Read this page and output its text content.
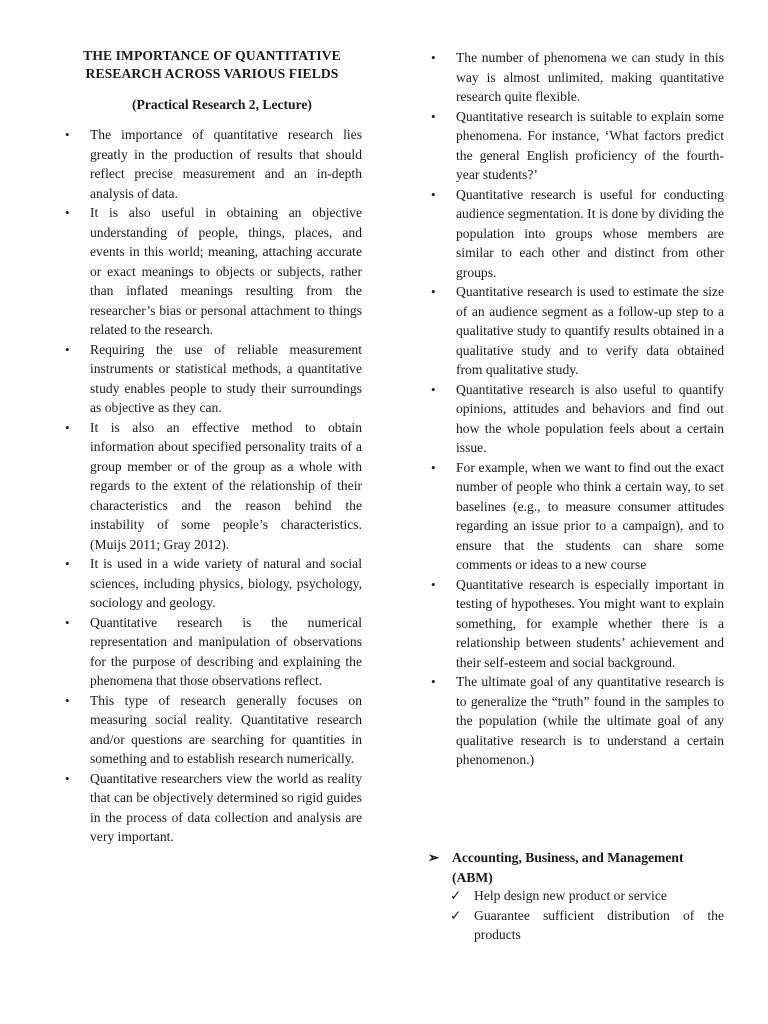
THE IMPORTANCE OF QUANTITATIVE RESEARCH ACROSS VARIOUS FIELDS
(Practical Research 2, Lecture)
• The importance of quantitative research lies greatly in the production of results that should reflect precise measurement and an in-depth analysis of data.
• It is also useful in obtaining an objective understanding of people, things, places, and events in this world; meaning, attaching accurate or exact meanings to objects or subjects, rather than inflated meanings resulting from the researcher’s bias or personal attachment to things related to the research.
• Requiring the use of reliable measurement instruments or statistical methods, a quantitative study enables people to study their surroundings as objective as they can.
• It is also an effective method to obtain information about specified personality traits of a group member or of the group as a whole with regards to the extent of the relationship of their characteristics and the reason behind the instability of some people’s characteristics. (Muijs 2011; Gray 2012).
• It is used in a wide variety of natural and social sciences, including physics, biology, psychology, sociology and geology.
• Quantitative research is the numerical representation and manipulation of observations for the purpose of describing and explaining the phenomena that those observations reflect.
• This type of research generally focuses on measuring social reality. Quantitative research and/or questions are searching for quantities in something and to establish research numerically.
• Quantitative researchers view the world as reality that can be objectively determined so rigid guides in the process of data collection and analysis are very important.
• The number of phenomena we can study in this way is almost unlimited, making quantitative research quite flexible.
• Quantitative research is suitable to explain some phenomena. For instance, ‘What factors predict the general English proficiency of the fourth-year students?’
• Quantitative research is useful for conducting audience segmentation. It is done by dividing the population into groups whose members are similar to each other and distinct from other groups.
• Quantitative research is used to estimate the size of an audience segment as a follow-up step to a qualitative study to quantify results obtained in a qualitative study and to verify data obtained from qualitative study.
• Quantitative research is also useful to quantify opinions, attitudes and behaviors and find out how the whole population feels about a certain issue.
• For example, when we want to find out the exact number of people who think a certain way, to set baselines (e.g., to measure consumer attitudes regarding an issue prior to a campaign), and to ensure that the students can share some comments or ideas to a new course
• Quantitative research is especially important in testing of hypotheses. You might want to explain something, for example whether there is a relationship between students’ achievement and their self-esteem and social background.
• The ultimate goal of any quantitative research is to generalize the “truth” found in the samples to the population (while the ultimate goal of any qualitative research is to understand a certain phenomenon.)
➢ Accounting, Business, and Management (ABM)
✓ Help design new product or service
✓ Guarantee sufficient distribution of the products
